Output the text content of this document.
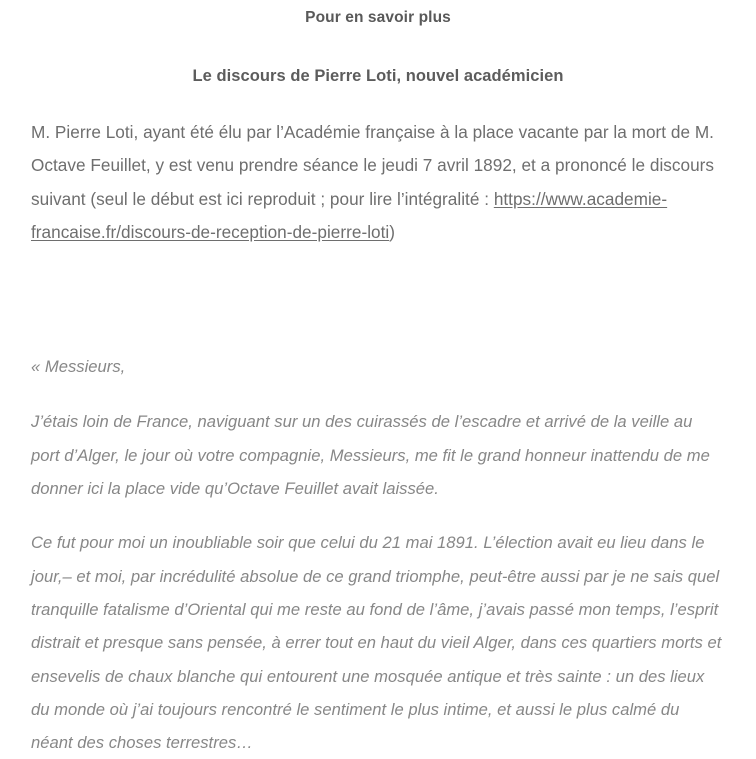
Pour en savoir plus
Le discours de Pierre Loti, nouvel académicien

M. Pierre Loti, ayant été élu par l’Académie française à la place vacante par la mort de M. Octave Feuillet, y est venu prendre séance le jeudi 7 avril 1892, et a prononcé le discours suivant (seul le début est ici reproduit ; pour lire l’intégralité : https://www.academie-francaise.fr/discours-de-reception-de-pierre-loti)

« Messieurs,

J’étais loin de France, naviguant sur un des cuirassés de l’escadre et arrivé de la veille au port d’Alger, le jour où votre compagnie, Messieurs, me fit le grand honneur inattendu de me donner ici la place vide qu’Octave Feuillet avait laissée.

Ce fut pour moi un inoubliable soir que celui du 21 mai 1891. L’élection avait eu lieu dans le jour,– et moi, par incrédulité absolue de ce grand triomphe, peut-être aussi par je ne sais quel tranquille fatalisme d’Oriental qui me reste au fond de l’âme, j’avais passé mon temps, l’esprit distrait et presque sans pensée, à errer tout en haut du vieil Alger, dans ces quartiers morts et ensevelis de chaux blanche qui entourent une mosquée antique et très sainte : un des lieux du monde où j’ai toujours rencontré le sentiment le plus intime, et aussi le plus calmé du néant des choses terrestres…
